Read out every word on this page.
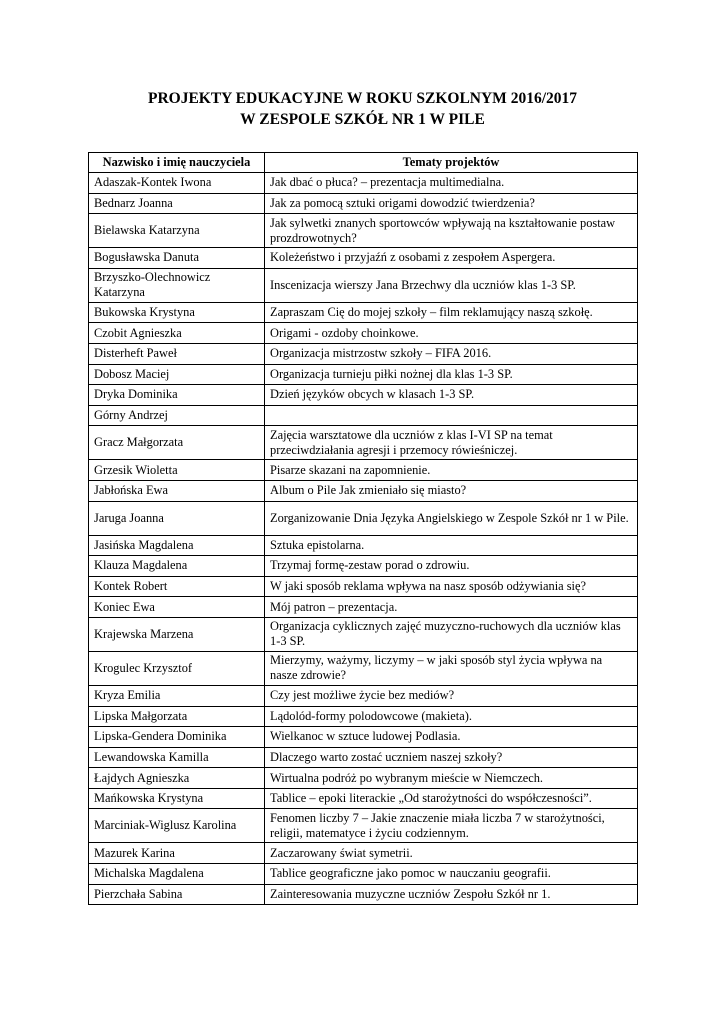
PROJEKTY EDUKACYJNE W ROKU SZKOLNYM 2016/2017
W ZESPOLE SZKÓŁ NR 1 W PILE
Nazwisko i imię nauczyciela	Tematy projektów
Adaszak-Kontek Iwona	Jak dbać o płuca? – prezentacja multimedialna.
Bednarz Joanna	Jak za pomocą sztuki origami dowodzić twierdzenia?
Bielawska Katarzyna	Jak sylwetki znanych sportowców wpływają na kształtowanie postaw prozdrowotnych?
Bogusławska Danuta	Koleżeństwo i przyjaźń z osobami z zespołem Aspergera.
Brzyszko-Olechnowicz Katarzyna	Inscenizacja wierszy Jana Brzechwy dla uczniów klas 1-3 SP.
Bukowska Krystyna	Zapraszam Cię do mojej szkoły – film reklamujący naszą szkołę.
Czobit Agnieszka	Origami - ozdoby choinkowe.
Disterheft Paweł	Organizacja mistrzostw szkoły – FIFA 2016.
Dobosz Maciej	Organizacja turnieju piłki nożnej dla klas 1-3 SP.
Dryka Dominika	Dzień języków obcych w klasach 1-3 SP.
Górny Andrzej	
Gracz Małgorzata	Zajęcia warsztatowe dla uczniów z klas I-VI SP na temat przeciwdziałania agresji i przemocy rówieśniczej.
Grzesik Wioletta	Pisarze skazani na zapomnienie.
Jabłońska Ewa	Album o Pile Jak zmieniało się miasto?
Jaruga Joanna	Zorganizowanie Dnia Języka Angielskiego w Zespole Szkół nr 1 w Pile.
Jasińska Magdalena	Sztuka epistolarna.
Klauza Magdalena	Trzymaj formę-zestaw porad o zdrowiu.
Kontek Robert	W jaki sposób reklama wpływa na nasz sposób odżywiania się?
Koniec Ewa	Mój patron – prezentacja.
Krajewska Marzena	Organizacja cyklicznych zajęć muzyczno-ruchowych dla uczniów klas 1-3 SP.
Krogulec Krzysztof	Mierzymy, ważymy, liczymy – w jaki sposób styl życia wpływa na nasze zdrowie?
Kryza Emilia	Czy jest możliwe życie bez mediów?
Lipska Małgorzata	Lądolód-formy polodowcowe (makieta).
Lipska-Gendera Dominika	Wielkanoc w sztuce ludowej Podlasia.
Lewandowska Kamilla	Dlaczego warto zostać uczniem naszej szkoły?
Łajdych Agnieszka	Wirtualna podróż po wybranym mieście w Niemczech.
Mańkowska Krystyna	Tablice – epoki literackie „Od starożytności do współczesności”.
Marciniak-Wiglusz Karolina	Fenomen liczby 7 – Jakie znaczenie miała liczba 7 w starożytności, religii, matematyce i życiu codziennym.
Mazurek Karina	Zaczarowany świat symetrii.
Michalska Magdalena	Tablice geograficzne jako pomoc w nauczaniu geografii.
Pierzchała Sabina	Zainteresowania muzyczne uczniów Zespołu Szkół nr 1.
